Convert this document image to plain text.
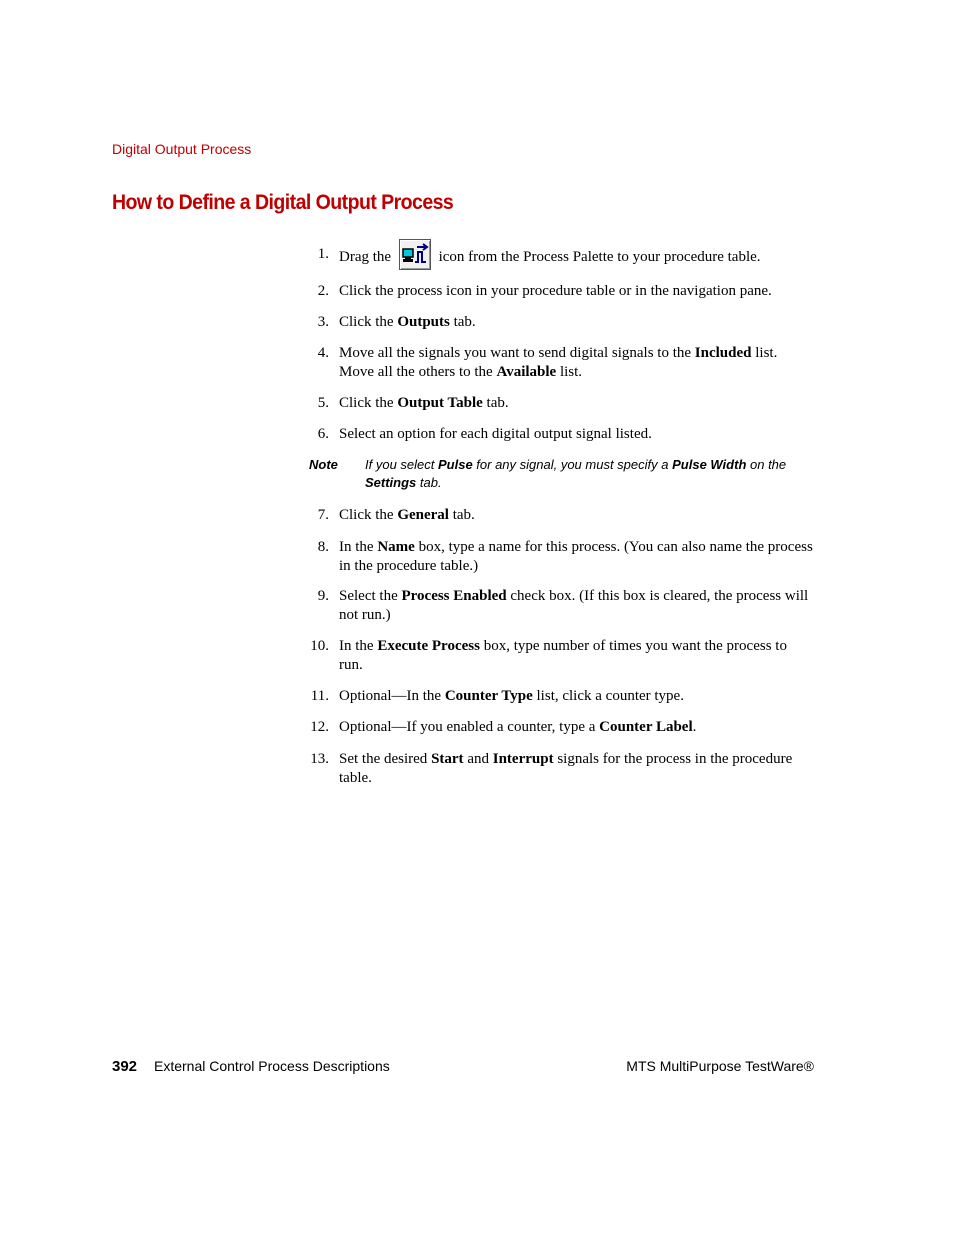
Digital Output Process
How to Define a Digital Output Process
1. Drag the	icon from the Process Palette to your procedure table.
2. Click the process icon in your procedure table or in the navigation pane.
3. Click the Outputs tab.
4. Move all the signals you want to send digital signals to the Included list. Move all the others to the Available list.
5. Click the Output Table tab.
6. Select an option for each digital output signal listed.
7. Click the General tab.
8. In the Name box, type a name for this process. (You can also name the process in the procedure table.)
9. Select the Process Enabled check box. (If this box is cleared, the process will not run.)
10. In the Execute Process box, type number of times you want the process to run.
11. Optional—In the Counter Type list, click a counter type.
12. Optional—If you enabled a counter, type a Counter Label.
13. Set the desired Start and Interrupt signals for the process in the procedure table.
Note If you select Pulse for any signal, you must specify a Pulse Width on the Settings tab.
392 External Control Process Descriptions	MTS MultiPurpose TestWare®
